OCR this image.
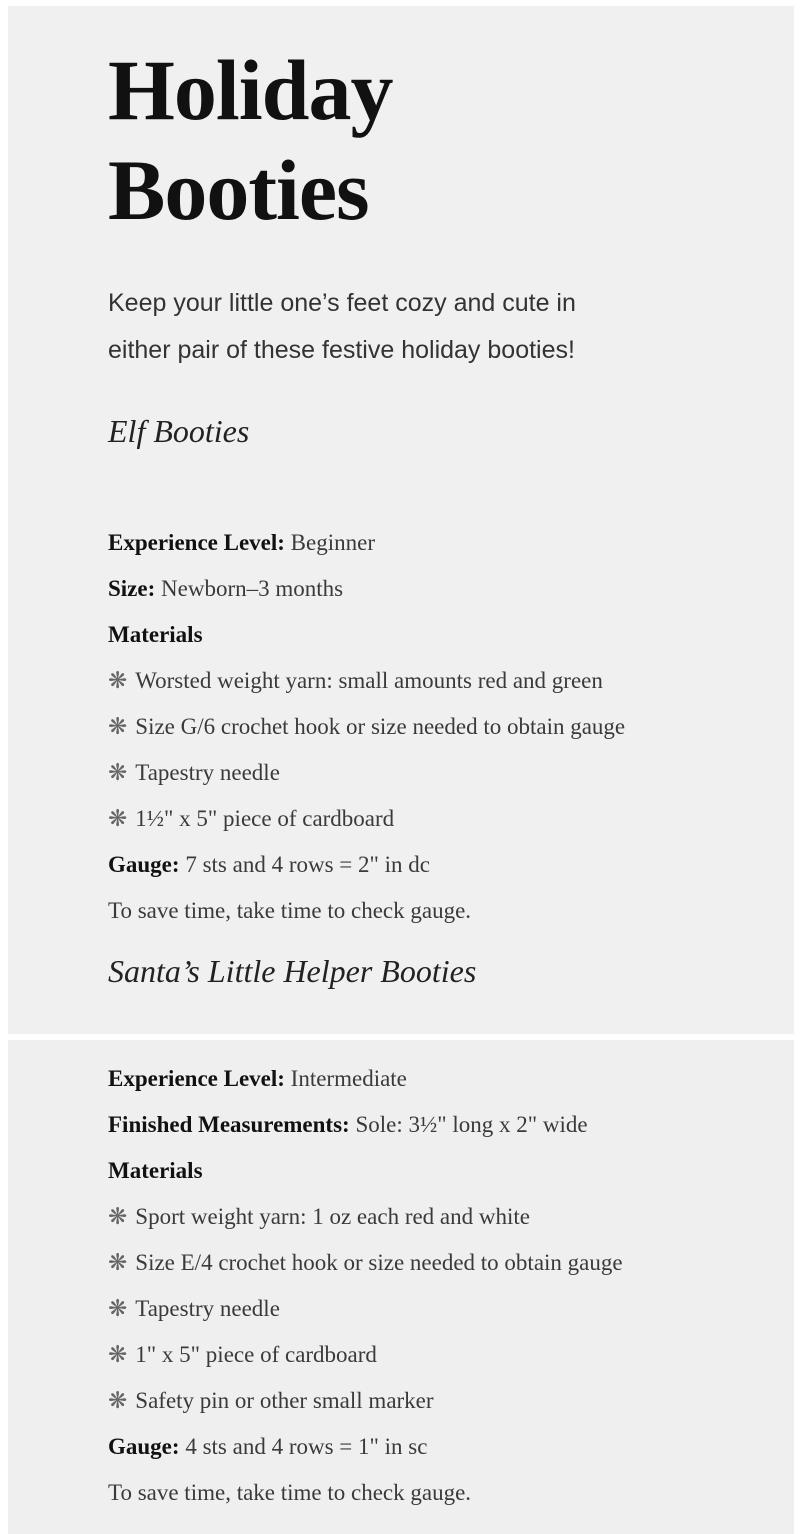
Holiday
Booties

Keep your little one’s feet cozy and cute in
either pair of these festive holiday booties!

Elf Booties
Experience Level: Beginner
Size: Newborn–3 months
Materials
❋ Worsted weight yarn: small amounts red and green
❋ Size G/6 crochet hook or size needed to obtain gauge
❋ Tapestry needle
❋ 1½" x 5" piece of cardboard
Gauge: 7 sts and 4 rows = 2" in dc
To save time, take time to check gauge.
Santa’s Little Helper Booties
Experience Level: Intermediate
Finished Measurements: Sole: 3½" long x 2" wide
Materials
❋ Sport weight yarn: 1 oz each red and white
❋ Size E/4 crochet hook or size needed to obtain gauge
❋ Tapestry needle
❋ 1" x 5" piece of cardboard
❋ Safety pin or other small marker
Gauge: 4 sts and 4 rows = 1" in sc
To save time, take time to check gauge.
